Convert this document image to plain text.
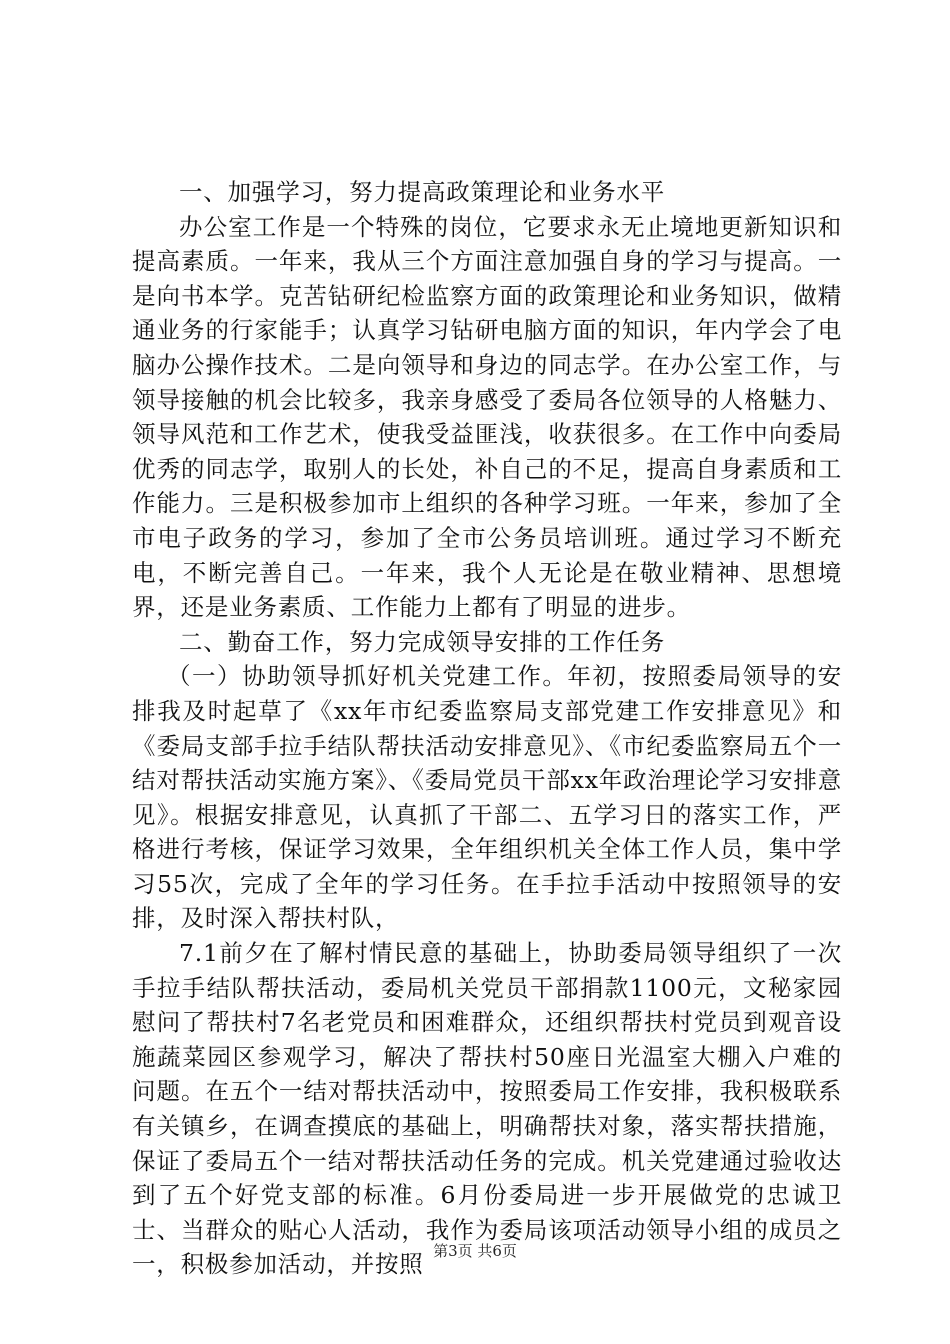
一、加强学习，努力提高政策理论和业务水平

办公室工作是一个特殊的岗位，它要求永无止境地更新知识和提高素质。一年来，我从三个方面注意加强自身的学习与提高。一是向书本学。克苦钻研纪检监察方面的政策理论和业务知识，做精通业务的行家能手；认真学习钻研电脑方面的知识，年内学会了电脑办公操作技术。二是向领导和身边的同志学。在办公室工作，与领导接触的机会比较多，我亲身感受了委局各位领导的人格魅力、领导风范和工作艺术，使我受益匪浅，收获很多。在工作中向委局优秀的同志学，取别人的长处，补自己的不足，提高自身素质和工作能力。三是积极参加市上组织的各种学习班。一年来，参加了全市电子政务的学习，参加了全市公务员培训班。通过学习不断充电，不断完善自己。一年来，我个人无论是在敬业精神、思想境界，还是业务素质、工作能力上都有了明显的进步。

二、勤奋工作，努力完成领导安排的工作任务

（一）协助领导抓好机关党建工作。年初，按照委局领导的安排我及时起草了《xx年市纪委监察局支部党建工作安排意见》和《委局支部手拉手结队帮扶活动安排意见》、《市纪委监察局五个一结对帮扶活动实施方案》、《委局党员干部xx年政治理论学习安排意见》。根据安排意见，认真抓了干部二、五学习日的落实工作，严格进行考核，保证学习效果，全年组织机关全体工作人员，集中学习55次，完成了全年的学习任务。在手拉手活动中按照领导的安排，及时深入帮扶村队，

7.1前夕在了解村情民意的基础上，协助委局领导组织了一次手拉手结队帮扶活动，委局机关党员干部捐款1100元，文秘家园慰问了帮扶村7名老党员和困难群众，还组织帮扶村党员到观音设施蔬菜园区参观学习，解决了帮扶村50座日光温室大棚入户难的问题。在五个一结对帮扶活动中，按照委局工作安排，我积极联系有关镇乡，在调查摸底的基础上，明确帮扶对象，落实帮扶措施，保证了委局五个一结对帮扶活动任务的完成。机关党建通过验收达到了五个好党支部的标准。6月份委局进一步开展做党的忠诚卫士、当群众的贴心人活动，我作为委局该项活动领导小组的成员之一，积极参加活动，并按照 第3页 共6页
